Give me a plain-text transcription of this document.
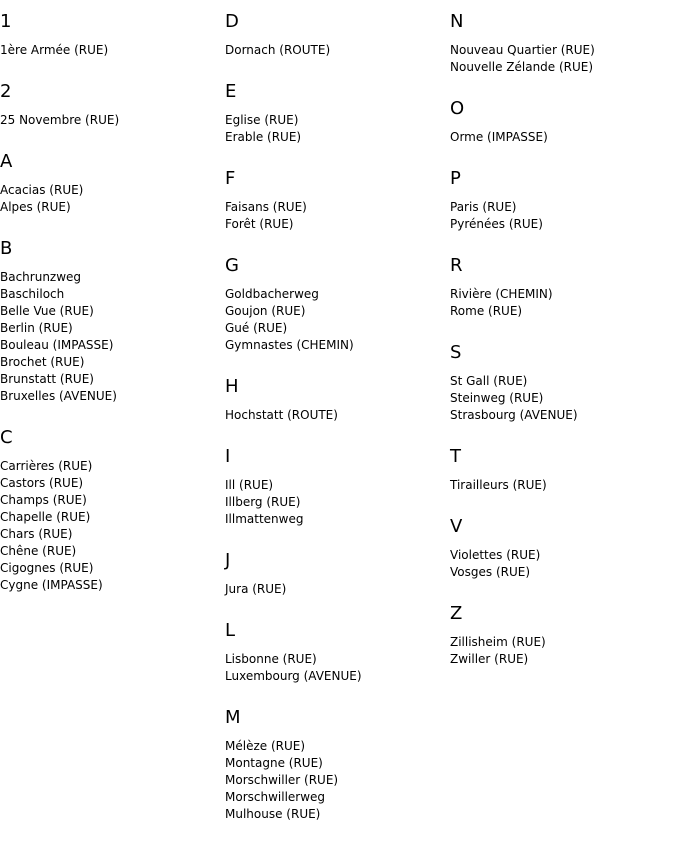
1
1ère Armée (RUE)
2
25 Novembre (RUE)
A
Acacias (RUE)
Alpes (RUE)
B
Bachrunzweg
Baschiloch
Belle Vue (RUE)
Berlin (RUE)
Bouleau (IMPASSE)
Brochet (RUE)
Brunstatt (RUE)
Bruxelles (AVENUE)
C
Carrières (RUE)
Castors (RUE)
Champs (RUE)
Chapelle (RUE)
Chars (RUE)
Chêne (RUE)
Cigognes (RUE)
Cygne (IMPASSE)
D
Dornach (ROUTE)
E
Eglise (RUE)
Erable (RUE)
F
Faisans (RUE)
Forêt (RUE)
G
Goldbacherweg
Goujon (RUE)
Gué (RUE)
Gymnastes (CHEMIN)
H
Hochstatt (ROUTE)
I
Ill (RUE)
Illberg (RUE)
Illmattenweg
J
Jura (RUE)
L
Lisbonne (RUE)
Luxembourg (AVENUE)
M
Mélèze (RUE)
Montagne (RUE)
Morschwiller (RUE)
Morschwillerweg
Mulhouse (RUE)
N
Nouveau Quartier (RUE)
Nouvelle Zélande (RUE)
O
Orme (IMPASSE)
P
Paris (RUE)
Pyrénées (RUE)
R
Rivière (CHEMIN)
Rome (RUE)
S
St Gall (RUE)
Steinweg (RUE)
Strasbourg (AVENUE)
T
Tirailleurs (RUE)
V
Violettes (RUE)
Vosges (RUE)
Z
Zillisheim (RUE)
Zwiller (RUE)
